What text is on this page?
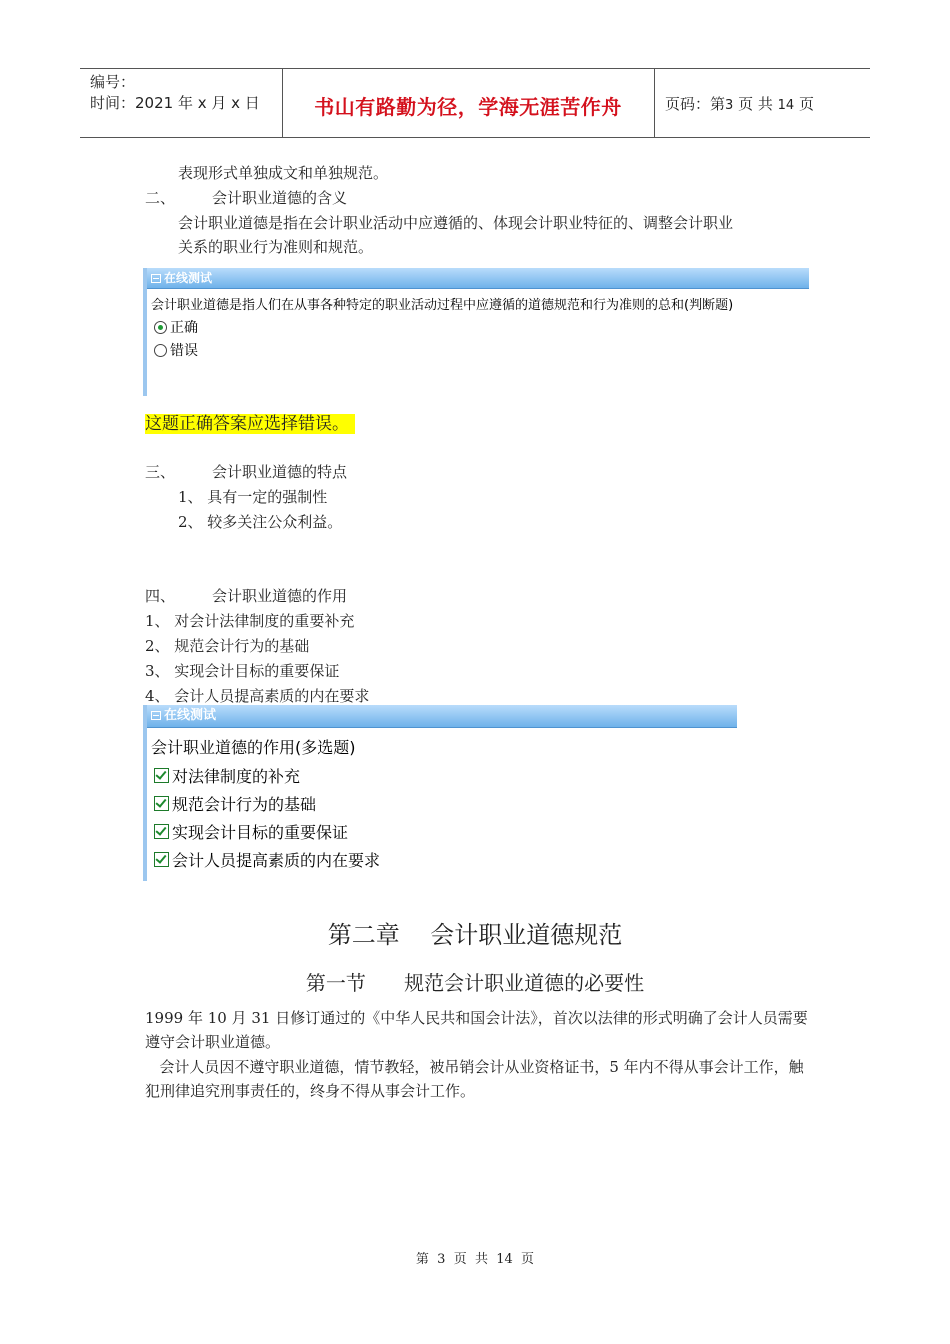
编号：
时间：2021 年 x 月 x 日	书山有路勤为径，学海无涯苦作舟	页码：第3 页 共 14 页
表现形式单独成文和单独规范。
二、 会计职业道德的含义
会计职业道德是指在会计职业活动中应遵循的、体现会计职业特征的、调整会计职业
关系的职业行为准则和规范。
在线测试
会计职业道德是指人们在从事各种特定的职业活动过程中应遵循的道德规范和行为准则的总和(判断题)
正确
错误
这题正确答案应选择错误。
三、 会计职业道德的特点
1、 具有一定的强制性
2、 较多关注公众利益。
四、 会计职业道德的作用
1、 对会计法律制度的重要补充
2、 规范会计行为的基础
3、 实现会计目标的重要保证
4、 会计人员提高素质的内在要求
在线测试
会计职业道德的作用(多选题)
对法律制度的补充
规范会计行为的基础
实现会计目标的重要保证
会计人员提高素质的内在要求
第二章    会计职业道德规范
第一节      规范会计职业道德的必要性
1999 年 10 月 31 日修订通过的《中华人民共和国会计法》，首次以法律的形式明确了会计人员需要遵守会计职业道德。
会计人员因不遵守职业道德，情节教轻，被吊销会计从业资格证书，5 年内不得从事会计工作，触犯刑律追究刑事责任的，终身不得从事会计工作。
第  3  页  共  14  页
